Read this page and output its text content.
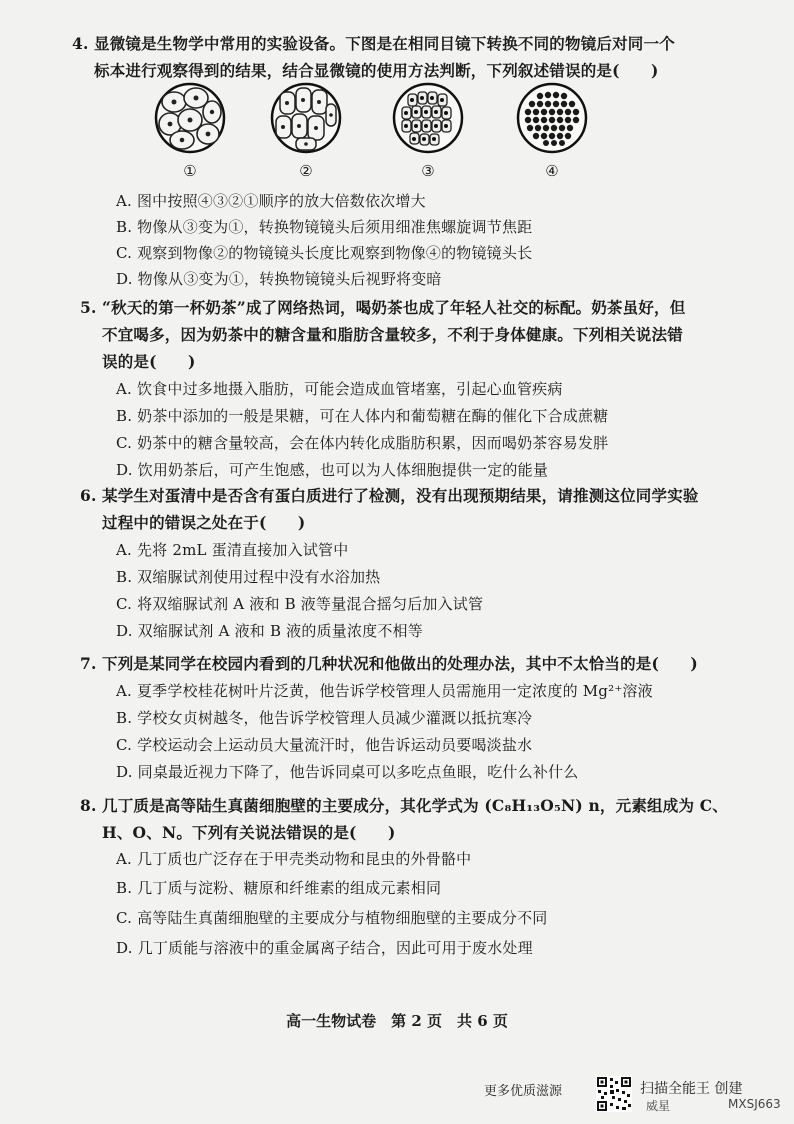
4. 显微镜是生物学中常用的实验设备。下图是在相同目镜下转换不同的物镜后对同一个
标本进行观察得到的结果，结合显微镜的使用方法判断，下列叙述错误的是(　　)
①	②	③	④
A. 图中按照④③②①顺序的放大倍数依次增大
B. 物像从③变为①，转换物镜镜头后须用细准焦螺旋调节焦距
C. 观察到物像②的物镜镜头长度比观察到物像④的物镜镜头长
D. 物像从③变为①，转换物镜镜头后视野将变暗
5. “秋天的第一杯奶茶”成了网络热词，喝奶茶也成了年轻人社交的标配。奶茶虽好，但
不宜喝多，因为奶茶中的糖含量和脂肪含量较多，不利于身体健康。下列相关说法错
误的是(　　)
A. 饮食中过多地摄入脂肪，可能会造成血管堵塞，引起心血管疾病
B. 奶茶中添加的一般是果糖，可在人体内和葡萄糖在酶的催化下合成蔗糖
C. 奶茶中的糖含量较高，会在体内转化成脂肪积累，因而喝奶茶容易发胖
D. 饮用奶茶后，可产生饱感，也可以为人体细胞提供一定的能量
6. 某学生对蛋清中是否含有蛋白质进行了检测，没有出现预期结果，请推测这位同学实验
过程中的错误之处在于(　　)
A. 先将 2mL 蛋清直接加入试管中
B. 双缩脲试剂使用过程中没有水浴加热
C. 将双缩脲试剂 A 液和 B 液等量混合摇匀后加入试管
D. 双缩脲试剂 A 液和 B 液的质量浓度不相等
7. 下列是某同学在校园内看到的几种状况和他做出的处理办法，其中不太恰当的是(　　)
A. 夏季学校桂花树叶片泛黄，他告诉学校管理人员需施用一定浓度的 Mg²⁺溶液
B. 学校女贞树越冬，他告诉学校管理人员减少灌溉以抵抗寒冷
C. 学校运动会上运动员大量流汗时，他告诉运动员要喝淡盐水
D. 同桌最近视力下降了，他告诉同桌可以多吃点鱼眼，吃什么补什么
8. 几丁质是高等陆生真菌细胞壁的主要成分，其化学式为 (C₈H₁₃O₅N) n，元素组成为 C、
H、O、N。下列有关说法错误的是(　　)
A. 几丁质也广泛存在于甲壳类动物和昆虫的外骨骼中
B. 几丁质与淀粉、糖原和纤维素的组成元素相同
C. 高等陆生真菌细胞壁的主要成分与植物细胞壁的主要成分不同
D. 几丁质能与溶液中的重金属离子结合，因此可用于废水处理
高一生物试卷　第 2 页　共 6 页
更多优质滋源	扫描全能王 创建
威星	MXSJ663
